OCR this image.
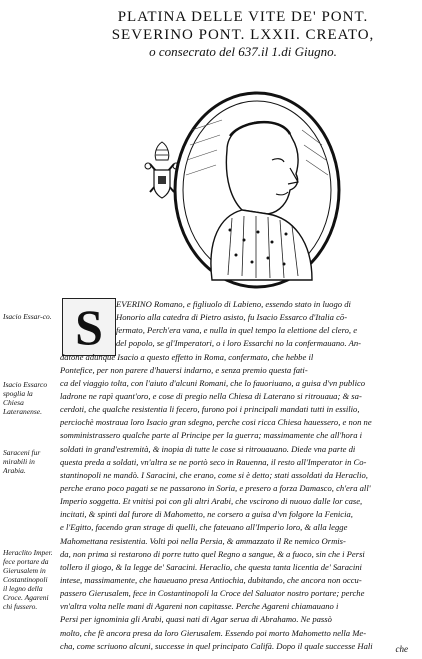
PLATINA DELLE VITE DE' PONT.
SEVERINO PONT. LXXII. CREATO,
o consecrato del 637.il 1.di Giugno.
Isacio Essar-co.
Isacio Essarco spoglia la Chiesa Lateranense.
Saraceni fur mirabili in Arabia.
Heraclito Imper. fece portare da Gierusalem in Costantinopoli il legno della Croce. Agareni chi fussero.
S	EVERINO Romano, e figliuolo di Labieno, essendo stato in luogo di
Honorio alla catedra di Pietro asisto, fu Isacio Essarco d'Italia cō-
fermato, Perch'era vana, e nulla in quel tempo la elettione del clero, e
del popolo, se gl'Imperatori, o i loro Essarchi no la confermauano. An-
datone adunque Isacio a questo effetto in Roma, confermato, che hebbe il
Pontefice, per non parere d'hauersi indarno, e senza premio questa fati-
ca del viaggio tolta, con l'aiuto d'alcuni Romani, che lo fauoriuano, a guisa d'vn publico
ladrone ne rapì quant'oro, e cose di pregio nella Chiesa di Laterano si ritrouaua; & sa-
cerdoti, che qualche resistentia li fecero, furono poi i principali mandati tutti in essilio,
perciochè mostraua loro Isacio gran sdegno, perche cosi ricca Chiesa hauessero, e non ne
somministrassero qualche parte al Principe per la guerra; massimamente che all'hora i
soldati in grand'estremità, & inopia di tutte le cose si ritrouauano. Diede vna parte di
questa preda a soldati, vn'altra se ne portò seco in Rauenna, il resto all'Imperator in Co-
stantinopoli ne mandò. I Saracini, che erano, come si è detto; stati assoldati da Heraclio,
perche erano poco pagati se ne passarono in Soria, e presero a forza Damasco, ch'era all'
Imperio soggetta. Et vnitisi poi con gli altri Arabi, che vscirono di nuouo dalle lor case,
incitati, & spinti dal furore di Mahometto, ne corsero a guisa d'vn folgore la Fenicia,
e l'Egitto, facendo gran strage di quelli, che fateuano all'Imperio loro, & alla legge
Mahomettana resistentia. Volti poi nella Persia, & ammazzato il Re nemico Ormis-
da, non prima si restarono di porre tutto quel Regno a sangue, & a fuoco, sin che i Persi
tollero il giogo, & la legge de' Saracini. Heraclio, che questa tanta licentia de' Saracini
intese, massimamente, che haueuano presa Antiochia, dubitando, che ancora non occu-
passero Gierusalem, fece in Costantinopoli la Croce del Saluator nostro portare; perche
vn'altra volta nelle mani di Agareni non capitasse. Perche Agareni chiamauano i
Persi per ignominia gli Arabi, quasi nati di Agar serua di Abrahamo. Ne passò
molto, che fè ancora presa da loro Gierusalem. Essendo poi morto Mahometto nella Me-
cha, come scriuono alcuni, successe in quel principato Califà. Dopo il quale successe Hali	che
